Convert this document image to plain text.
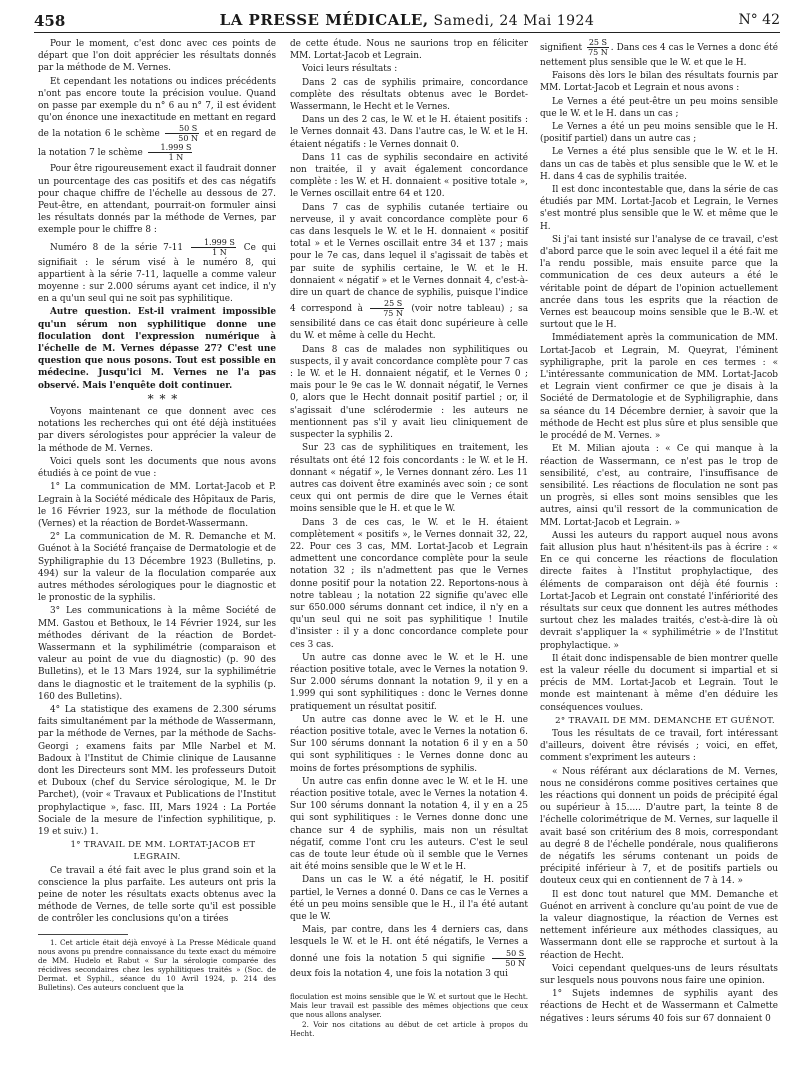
458	LA PRESSE MÉDICALE, Samedi, 24 Mai 1924	N° 42

Pour le moment, c'est donc avec ces points de départ que l'on doit apprécier les résultats donnés par la méthode de M. Vernes.

Et cependant les notations ou indices précédents n'ont pas encore toute la précision voulue. Quand on passe par exemple du n° 6 au n° 7, il est évident qu'on énonce une inexactitude en mettant en regard de la notation 6 le schème $\frac{50 S}{50 N}$ et en regard de la notation 7 le schème $\frac{1.999 S}{1 N}$

Pour être rigoureusement exact il faudrait donner un pourcentage des cas positifs et des cas négatifs pour chaque chiffre de l'échelle au dessous de 27. Peut-être, en attendant, pourrait-on formuler ainsi les résultats donnés par la méthode de Vernes, par exemple pour le chiffre 8 :

Numéro 8 de la série $7-11 \frac{1.999 S}{1 N}$ Ce qui signifiait : le sérum visé à le numéro 8, qui appartient à la série 7-11, laquelle a comme valeur moyenne : sur 2.000 sérums ayant cet indice, il n'y en a qu'un seul qui ne soit pas syphilitique.

Autre question. Est-il vraiment impossible qu'un sérum non syphilitique donne une floculation dont l'expression numérique à l'échelle de M. Vernes dépasse 27? C'est une question que nous posons. Tout est possible en médecine. Jusqu'ici M. Vernes ne l'a pas observé. Mais l'enquête doit continuer.

* * *

Voyons maintenant ce que donnent avec ces notations les recherches qui ont été déjà instituées par divers sérologistes pour apprécier la valeur de la méthode de M. Vernes.

Voici quels sont les documents que nous avons étudiés à ce point de vue :

1° La communication de MM. Lortat-Jacob et P. Legrain à la Société médicale des Hôpitaux de Paris, le 16 Février 1923, sur la méthode de floculation (Vernes) et la réaction de Bordet-Wassermann.

2° La communication de M. R. Demanche et M. Guénot à la Société française de Dermatologie et de Syphiligraphie du 13 Décembre 1923 (Bulletins, p. 494) sur la valeur de la floculation comparée aux autres méthodes sérologiques pour le diagnostic et le pronostic de la syphilis.

3° Les communications à la même Société de MM. Gastou et Bethoux, le 14 Février 1924, sur les méthodes dérivant de la réaction de Bordet-Wassermann et la syphilimétrie (comparaison et valeur au point de vue du diagnostic) (p. 90 des Bulletins), et le 13 Mars 1924, sur la syphilimétrie dans le diagnostic et le traitement de la syphilis (p. 160 des Bulletins).

4° La statistique des examens de 2.300 sérums faits simultanément par la méthode de Wassermann, par la méthode de Vernes, par la méthode de Sachs-Georgi ; examens faits par Mlle Narbel et M. Badoux à l'Institut de Chimie clinique de Lausanne dont les Directeurs sont MM. les professeurs Dutoit et Duboux (chef du Service sérologique, M. le Dr Parchet), (voir « Travaux et Publications de l'Institut prophylactique », fasc. III, Mars 1924 : La Portée Sociale de la mesure de l'infection syphilitique, p. 19 et suiv.) 1.

1° TRAVAIL DE MM. LORTAT-JACOB ET LEGRAIN.

Ce travail a été fait avec le plus grand soin et la conscience la plus parfaite. Les auteurs ont pris la peine de noter les résultats exacts obtenus avec la méthode de Vernes, de telle sorte qu'il est possible de contrôler les conclusions qu'on a tirées

1. Cet article était déjà envoyé à La Presse Médicale quand nous avons pu prendre connaissance du texte exact du mémoire de MM. Hudelo et Rabut « Sur la sérologie comparée des récidives secondaires chez les syphilitiques traités » (Soc. de Dermat. et Syphil., séance du 10 Avril 1924, p. 214 des Bulletins). Ces auteurs concluent que la

de cette étude. Nous ne saurions trop en féliciter MM. Lortat-Jacob et Legrain.

Voici leurs résultats :

Dans 2 cas de syphilis primaire, concordance complète des résultats obtenus avec le Bordet-Wassermann, le Hecht et le Vernes.

Dans un des 2 cas, le W. et le H. étaient positifs : le Vernes donnait 43. Dans l'autre cas, le W. et le H. étaient négatifs : le Vernes donnait 0.

Dans 11 cas de syphilis secondaire en activité non traitée, il y avait également concordance complète : les W. et H. donnaient « positive totale », le Vernes oscillait entre 64 et 120.

Dans 7 cas de syphilis cutanée tertiaire ou nerveuse, il y avait concordance complète pour 6 cas dans lesquels le W. et le H. donnaient « positif total » et le Vernes oscillait entre 34 et 137 ; mais pour le 7e cas, dans lequel il s'agissait de tabès et par suite de syphilis certaine, le W. et le H. donnaient « négatif » et le Vernes donnait 4, c'est-à-dire un quart de chance de syphilis, puisque l'indice 4 correspond à $\frac{25 S}{75 N}$ (voir notre tableau) ; sa sensibilité dans ce cas était donc supérieure à celle du W. et même à celle du Hecht.

Dans 8 cas de malades non syphilitiques ou suspects, il y avait concordance complète pour 7 cas : le W. et le H. donnaient négatif, et le Vernes 0 ; mais pour le 9e cas le W. donnait négatif, le Vernes 0, alors que le Hecht donnait positif partiel ; or, il s'agissait d'une sclérodermie : les auteurs ne mentionnent pas s'il y avait lieu cliniquement de suspecter la syphilis 2.

Sur 23 cas de syphilitiques en traitement, les résultats ont été 12 fois concordants : le W. et le H. donnant « négatif », le Vernes donnant zéro. Les 11 autres cas doivent être examinés avec soin ; ce sont ceux qui ont permis de dire que le Vernes était moins sensible que le H. et que le W.

Dans 3 de ces cas, le W. et le H. étaient complètement « positifs », le Vernes donnait 32, 22, 22. Pour ces 3 cas, MM. Lortat-Jacob et Legrain admettent une concordance complète pour la seule notation 32 ; ils n'admettent pas que le Vernes donne positif pour la notation 22. Reportons-nous à notre tableau ; la notation 22 signifie qu'avec elle sur 650.000 sérums donnant cet indice, il n'y en a qu'un seul qui ne soit pas syphilitique ! Inutile d'insister : il y a donc concordance complete pour ces 3 cas.

Un autre cas donne avec le W. et le H. une réaction positive totale, avec le Vernes la notation 9. Sur 2.000 sérums donnant la notation 9, il y en a 1.999 qui sont syphilitiques : donc le Vernes donne pratiquement un résultat positif.

Un autre cas donne avec le W. et le H. une réaction positive totale, avec le Vernes la notation 6. Sur 100 sérums donnant la notation 6 il y en a 50 qui sont syphilitiques : le Vernes donne donc au moins de fortes présomptions de syphilis.

Un autre cas enfin donne avec le W. et le H. une réaction positive totale, avec le Vernes la notation 4. Sur 100 sérums donnant la notation 4, il y en a 25 qui sont syphilitiques : le Vernes donne donc une chance sur 4 de syphilis, mais non un résultat négatif, comme l'ont cru les auteurs. C'est le seul cas de toute leur étude où il semble que le Vernes ait été moins sensible que le W et le H.

Dans un cas le W. a été négatif, le H. positif partiel, le Vernes a donné 0. Dans ce cas le Vernes a été un peu moins sensible que le H., il l'a été autant que le W.

Mais, par contre, dans les 4 derniers cas, dans lesquels le W. et le H. ont été négatifs, le Vernes a donné une fois la notation 5 qui signifie $\frac{50 S}{50 N}$
deux fois la notation 4, une fois la notation 3 qui

floculation est moins sensible que le W. et surtout que le Hecht. Mais leur travail est passible des mêmes objections que ceux que nous allons analyser.

2. Voir nos citations au début de cet article à propos du Hecht.

signifient $\frac{25 S}{75 N}$ . Dans ces 4 cas le Vernes a donc été nettement plus sensible que le W. et que le H.

Faisons dès lors le bilan des résultats fournis par MM. Lortat-Jacob et Legrain et nous avons :

Le Vernes a été peut-être un peu moins sensible que le W. et le H. dans un cas ;

Le Vernes a été un peu moins sensible que le H. (positif partiel) dans un autre cas ;

Le Vernes a été plus sensible que le W. et le H. dans un cas de tabès et plus sensible que le W. et le H. dans 4 cas de syphilis traitée.

Il est donc incontestable que, dans la série de cas étudiés par MM. Lortat-Jacob et Legrain, le Vernes s'est montré plus sensible que le W. et même que le H.

Si j'ai tant insisté sur l'analyse de ce travail, c'est d'abord parce que le soin avec lequel il a été fait me l'a rendu possible, mais ensuite parce que la communication de ces deux auteurs a été le véritable point de départ de l'opinion actuellement ancrée dans tous les esprits que la réaction de Vernes est beaucoup moins sensible que le B.-W. et surtout que le H.

Immédiatement après la communication de MM. Lortat-Jacob et Legrain, M. Queyrat, l'éminent syphiligraphe, prit la parole en ces termes : « L'intéressante communication de MM. Lortat-Jacob et Legrain vient confirmer ce que je disais à la Société de Dermatologie et de Syphiligraphie, dans sa séance du 14 Décembre dernier, à savoir que la méthode de Hecht est plus sûre et plus sensible que le procédé de M. Vernes. »

Et M. Milian ajouta : « Ce qui manque à la réaction de Wassermann, ce n'est pas le trop de sensibilité, c'est, au contraire, l'insuffisance de sensibilité. Les réactions de floculation ne sont pas un progrès, si elles sont moins sensibles que les autres, ainsi qu'il ressort de la communication de MM. Lortat-Jacob et Legrain. »

Aussi les auteurs du rapport auquel nous avons fait allusion plus haut n'hésitent-ils pas à écrire : « En ce qui concerne les réactions de floculation directe faites à l'Institut prophylactique, des éléments de comparaison ont déjà été fournis : Lortat-Jacob et Legrain ont constaté l'infériorité des résultats sur ceux que donnent les autres méthodes surtout chez les malades traités, c'est-à-dire là où devrait s'appliquer la « syphilimétrie » de l'Institut prophylactique. »

Il était donc indispensable de bien montrer quelle est la valeur réelle du document si impartial et si précis de MM. Lortat-Jacob et Legrain. Tout le monde est maintenant à même d'en déduire les conséquences voulues.

2° TRAVAIL DE MM. DEMANCHE ET GUÉNOT.

Tous les résultats de ce travail, fort intéressant d'ailleurs, doivent être révisés ; voici, en effet, comment s'expriment les auteurs :

« Nous référant aux déclarations de M. Vernes, nous ne considérons comme positives certaines que les réactions qui donnent un poids de précipité égal ou supérieur à 15..... D'autre part, la teinte 8 de l'échelle colorimétrique de M. Vernes, sur laquelle il avait basé son critérium des 8 mois, correspondant au degré 8 de l'échelle pondérale, nous qualifierons de négatifs les sérums contenant un poids de précipité inférieur à 7, et de positifs partiels ou douteux ceux qui en contiennent de 7 à 14. »

Il est donc tout naturel que MM. Demanche et Guénot en arrivent à conclure qu'au point de vue de la valeur diagnostique, la réaction de Vernes est nettement inférieure aux méthodes classiques, au Wassermann dont elle se rapproche et surtout à la réaction de Hecht.

Voici cependant quelques-uns de leurs résultats sur lesquels nous pouvons nous faire une opinion.

1° Sujets indemnes de syphilis ayant des réactions de Hecht et de Wassermann et Calmette négatives : leurs sérums 40 fois sur 67 donnaient 0
